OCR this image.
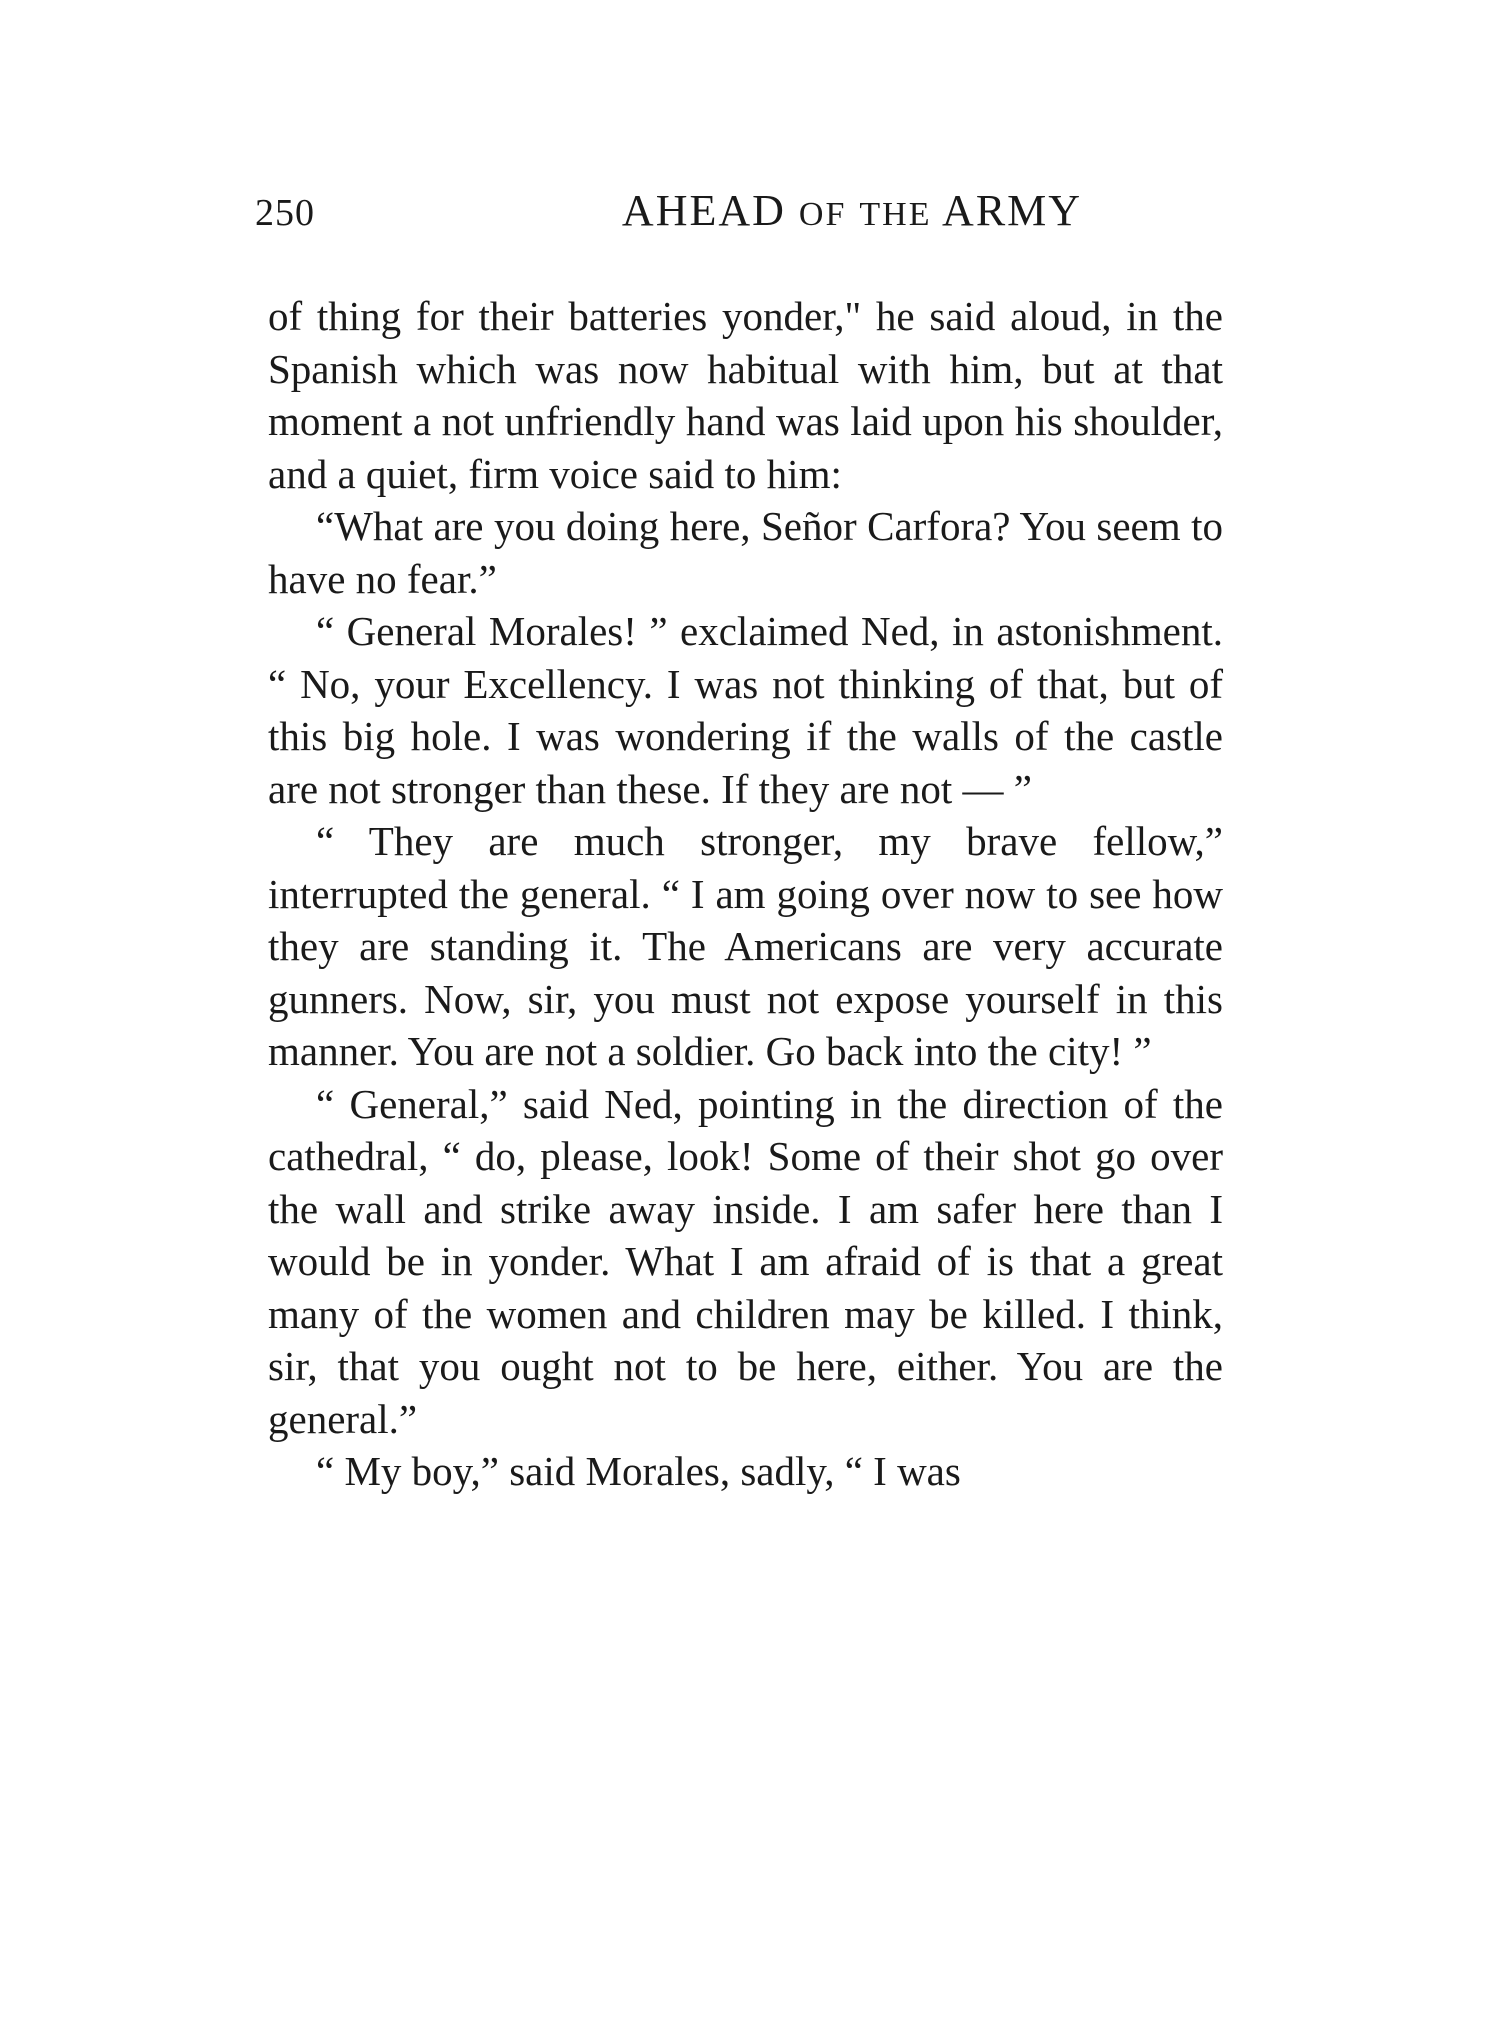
250	AHEAD OF THE ARMY

of thing for their batteries yonder," he said aloud, in the Spanish which was now habitual with him, but at that moment a not unfriendly hand was laid upon his shoulder, and a quiet, firm voice said to him:

“What are you doing here, Señor Carfora? You seem to have no fear.”

“ General Morales! ” exclaimed Ned, in astonishment. “ No, your Excellency. I was not thinking of that, but of this big hole. I was wondering if the walls of the castle are not stronger than these. If they are not — ”

“ They are much stronger, my brave fellow,” interrupted the general. “ I am going over now to see how they are standing it. The Americans are very accurate gunners. Now, sir, you must not expose yourself in this manner. You are not a soldier. Go back into the city! ”

“ General,” said Ned, pointing in the direction of the cathedral, “ do, please, look! Some of their shot go over the wall and strike away inside. I am safer here than I would be in yonder. What I am afraid of is that a great many of the women and children may be killed. I think, sir, that you ought not to be here, either. You are the general.”

“ My boy,” said Morales, sadly, “ I was
